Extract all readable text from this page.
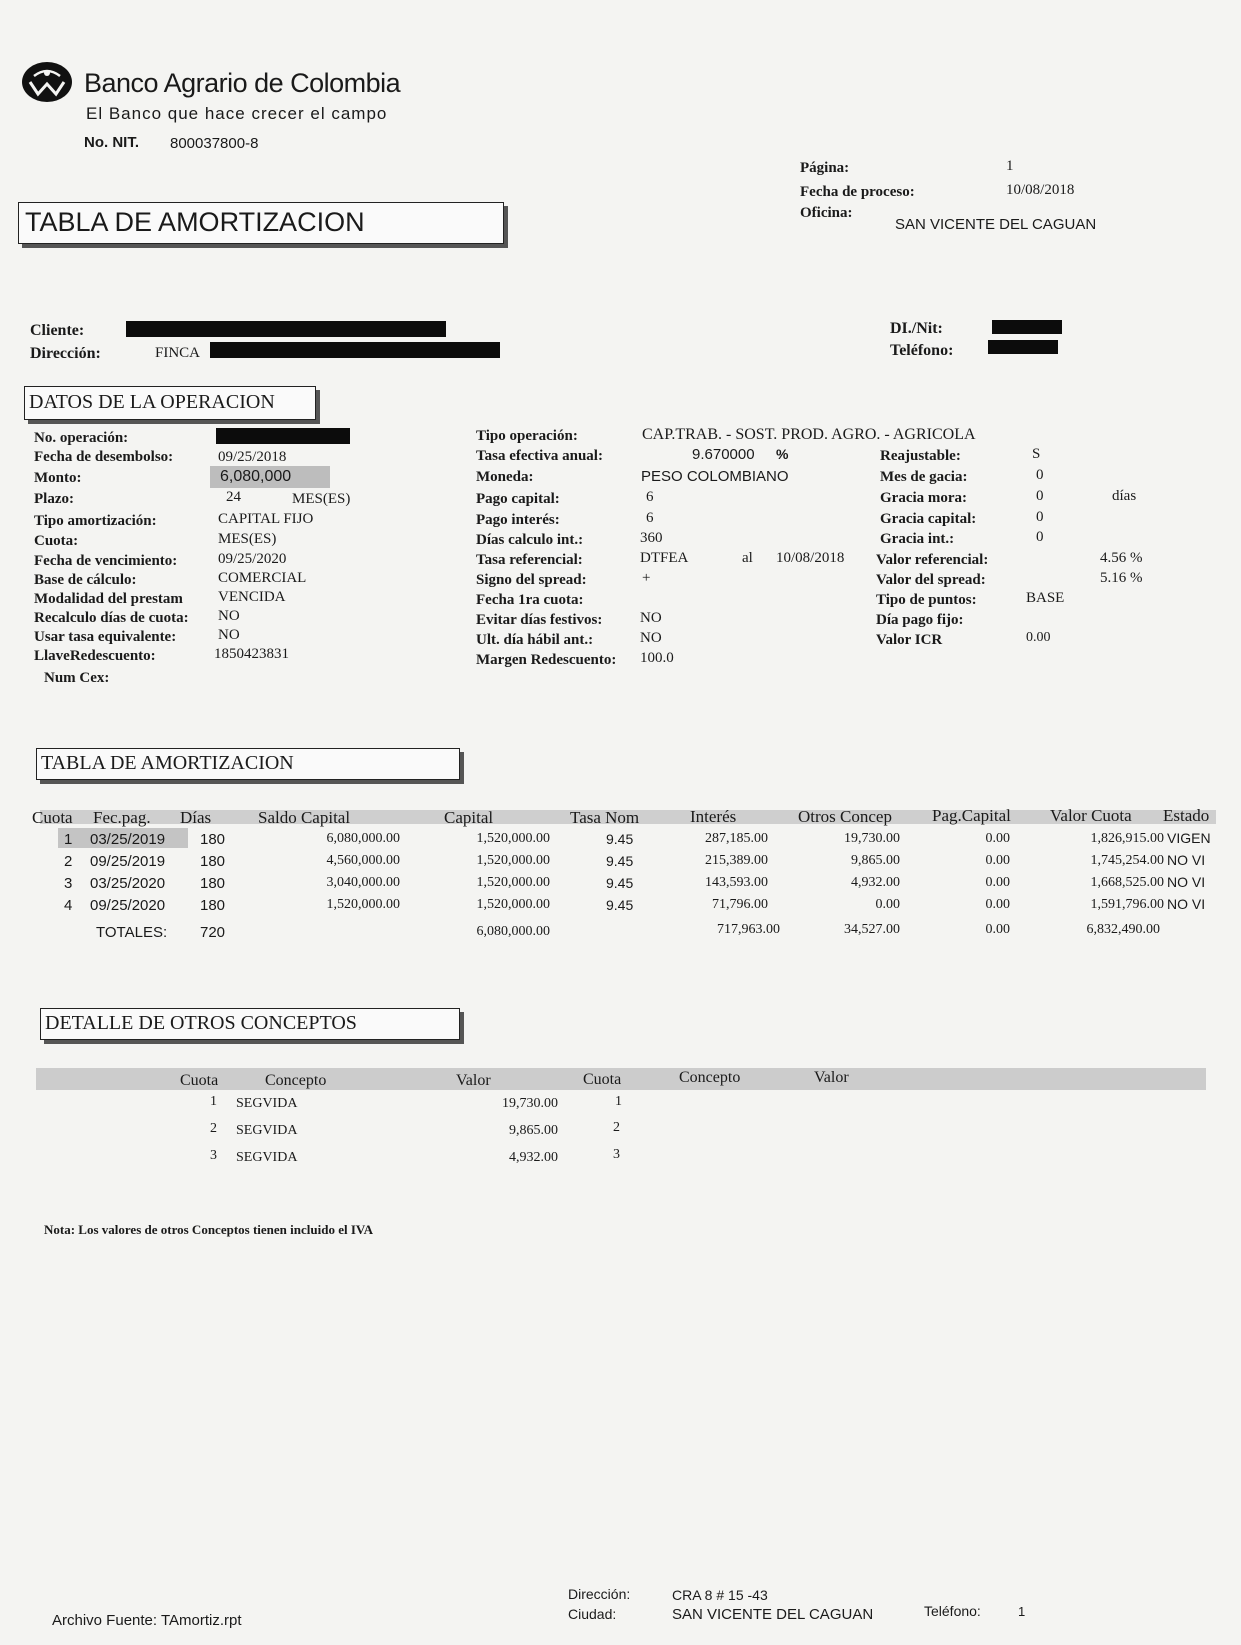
Banco Agrario de Colombia
El Banco que hace crecer el campo
No. NIT. 800037800-8
Página:	1
Fecha de proceso:	10/08/2018
Oficina:
SAN VICENTE DEL CAGUAN
TABLA DE AMORTIZACION
Cliente:
Dirección:	FINCA
DI./Nit:
Teléfono:
DATOS DE LA OPERACION
No. operación:
Fecha de desembolso:	09/25/2018
Monto:	6,080,000
Plazo:	24	MES(ES)
Tipo amortización:	CAPITAL FIJO
Cuota:	MES(ES)
Fecha de vencimiento:	09/25/2020
Base de cálculo:	COMERCIAL
Modalidad del prestam VENCIDA
Recalculo días de cuota: NO
Usar tasa equivalente:	NO
LlaveRedescuento:	1850423831
Num Cex:
Tipo operación:	CAP.TRAB. - SOST. PROD. AGRO. - AGRICOLA
Tasa efectiva anual:	9.670000 %
Moneda:	PESO COLOMBIANO
Pago capital:	6
Pago interés:	6
Días calculo int.:	360
Tasa referencial:	DTFEA	al 10/08/2018
Signo del spread:	+
Fecha 1ra cuota:
Evitar días festivos:	NO
Ult. día hábil ant.:	NO
Margen Redescuento: 100.0
Reajustable:	S
Mes de gacia:	0
Gracia mora:	0	días
Gracia capital:	0
Gracia int.:	0
Valor referencial:	4.56 %
Valor del spread:	5.16 %
Tipo de puntos:	BASE
Día pago fijo:
Valor ICR	0.00
TABLA DE AMORTIZACION
Cuota Fec.pag. Días	Saldo Capital	Capital	Tasa Nom	Interés	Otros Concep Pag.Capital Valor Cuota Estado
1 03/25/2019 180	6,080,000.00	1,520,000.00	9.45	287,185.00	19,730.00	0.00	1,826,915.00 VIGEN
2 09/25/2019 180	4,560,000.00	1,520,000.00	9.45	215,389.00	9,865.00	0.00	1,745,254.00 NO VI
3 03/25/2020 180	3,040,000.00	1,520,000.00	9.45	143,593.00	4,932.00	0.00	1,668,525.00 NO VI
4 09/25/2020 180	1,520,000.00	1,520,000.00	9.45	71,796.00	0.00	0.00	1,591,796.00 NO VI
TOTALES: 720	6,080,000.00	717,963.00	34,527.00	0.00	6,832,490.00
DETALLE DE OTROS CONCEPTOS
Cuota	Concepto	Valor	Cuota	Concepto	Valor
1 SEGVIDA	19,730.00	1
2 SEGVIDA	9,865.00	2
3 SEGVIDA	4,932.00	3
Nota: Los valores de otros Conceptos tienen incluido el IVA
Archivo Fuente: TAmortiz.rpt
Dirección:	CRA 8 # 15 -43
Ciudad:	SAN VICENTE DEL CAGUAN	Teléfono:	1
